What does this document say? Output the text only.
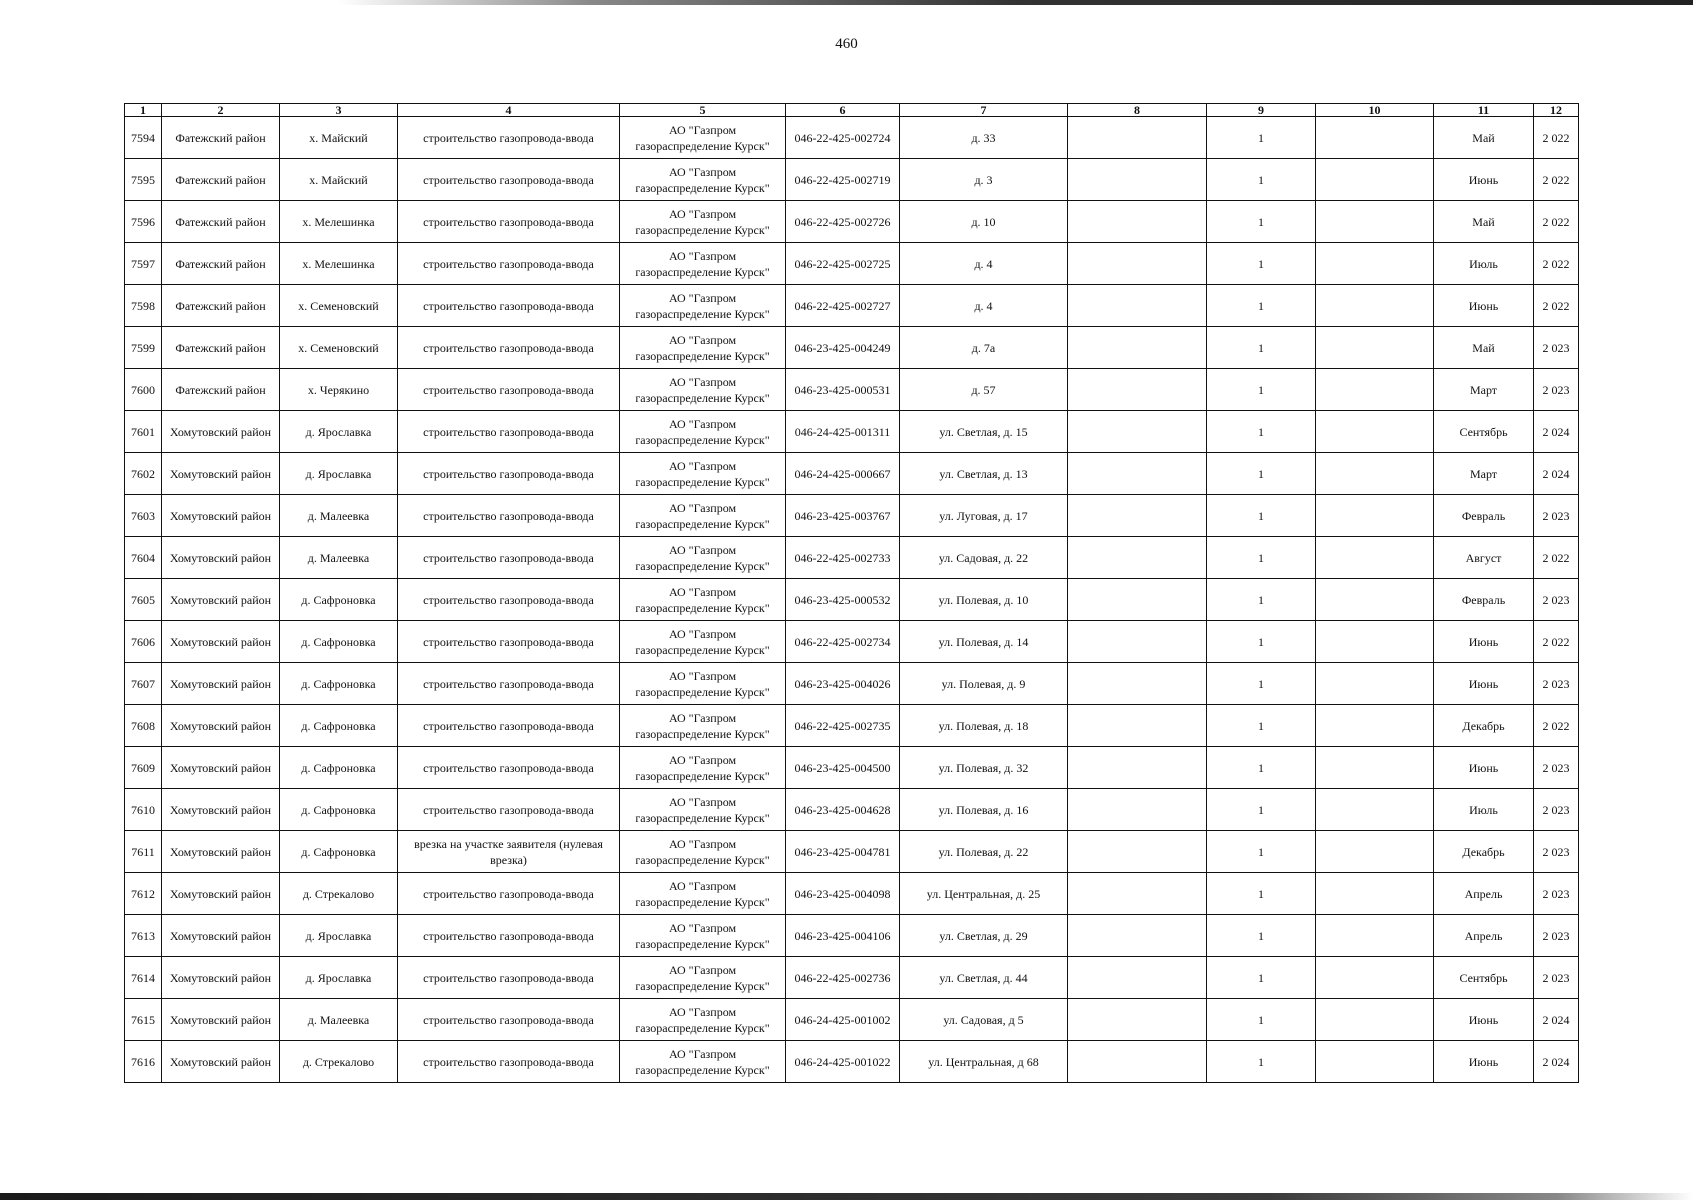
460
1	2	3	4	5	6	7	8	9	10	11	12
7594	Фатежский район	х. Майский	строительство газопровода-ввода	АО "Газпром газораспределение Курск"	046-22-425-002724	д. 33		1		Май	2 022
7595	Фатежский район	х. Майский	строительство газопровода-ввода	АО "Газпром газораспределение Курск"	046-22-425-002719	д. 3		1		Июнь	2 022
7596	Фатежский район	х. Мелешинка	строительство газопровода-ввода	АО "Газпром газораспределение Курск"	046-22-425-002726	д. 10		1		Май	2 022
7597	Фатежский район	х. Мелешинка	строительство газопровода-ввода	АО "Газпром газораспределение Курск"	046-22-425-002725	д. 4		1		Июль	2 022
7598	Фатежский район	х. Семеновский	строительство газопровода-ввода	АО "Газпром газораспределение Курск"	046-22-425-002727	д. 4		1		Июнь	2 022
7599	Фатежский район	х. Семеновский	строительство газопровода-ввода	АО "Газпром газораспределение Курск"	046-23-425-004249	д. 7а		1		Май	2 023
7600	Фатежский район	х. Черякино	строительство газопровода-ввода	АО "Газпром газораспределение Курск"	046-23-425-000531	д. 57		1		Март	2 023
7601	Хомутовский район	д. Ярославка	строительство газопровода-ввода	АО "Газпром газораспределение Курск"	046-24-425-001311	ул. Светлая, д. 15		1		Сентябрь	2 024
7602	Хомутовский район	д. Ярославка	строительство газопровода-ввода	АО "Газпром газораспределение Курск"	046-24-425-000667	ул. Светлая, д. 13		1		Март	2 024
7603	Хомутовский район	д. Малеевка	строительство газопровода-ввода	АО "Газпром газораспределение Курск"	046-23-425-003767	ул. Луговая, д. 17		1		Февраль	2 023
7604	Хомутовский район	д. Малеевка	строительство газопровода-ввода	АО "Газпром газораспределение Курск"	046-22-425-002733	ул. Садовая, д. 22		1		Август	2 022
7605	Хомутовский район	д. Сафроновка	строительство газопровода-ввода	АО "Газпром газораспределение Курск"	046-23-425-000532	ул. Полевая, д. 10		1		Февраль	2 023
7606	Хомутовский район	д. Сафроновка	строительство газопровода-ввода	АО "Газпром газораспределение Курск"	046-22-425-002734	ул. Полевая, д. 14		1		Июнь	2 022
7607	Хомутовский район	д. Сафроновка	строительство газопровода-ввода	АО "Газпром газораспределение Курск"	046-23-425-004026	ул. Полевая, д. 9		1		Июнь	2 023
7608	Хомутовский район	д. Сафроновка	строительство газопровода-ввода	АО "Газпром газораспределение Курск"	046-22-425-002735	ул. Полевая, д. 18		1		Декабрь	2 022
7609	Хомутовский район	д. Сафроновка	строительство газопровода-ввода	АО "Газпром газораспределение Курск"	046-23-425-004500	ул. Полевая, д. 32		1		Июнь	2 023
7610	Хомутовский район	д. Сафроновка	строительство газопровода-ввода	АО "Газпром газораспределение Курск"	046-23-425-004628	ул. Полевая, д. 16		1		Июль	2 023
7611	Хомутовский район	д. Сафроновка	врезка на участке заявителя (нулевая врезка)	АО "Газпром газораспределение Курск"	046-23-425-004781	ул. Полевая, д. 22		1		Декабрь	2 023
7612	Хомутовский район	д. Стрекалово	строительство газопровода-ввода	АО "Газпром газораспределение Курск"	046-23-425-004098	ул. Центральная, д. 25		1		Апрель	2 023
7613	Хомутовский район	д. Ярославка	строительство газопровода-ввода	АО "Газпром газораспределение Курск"	046-23-425-004106	ул. Светлая, д. 29		1		Апрель	2 023
7614	Хомутовский район	д. Ярославка	строительство газопровода-ввода	АО "Газпром газораспределение Курск"	046-22-425-002736	ул. Светлая, д. 44		1		Сентябрь	2 023
7615	Хомутовский район	д. Малеевка	строительство газопровода-ввода	АО "Газпром газораспределение Курск"	046-24-425-001002	ул. Садовая, д 5		1		Июнь	2 024
7616	Хомутовский район	д. Стрекалово	строительство газопровода-ввода	АО "Газпром газораспределение Курск"	046-24-425-001022	ул. Центральная, д 68		1		Июнь	2 024
